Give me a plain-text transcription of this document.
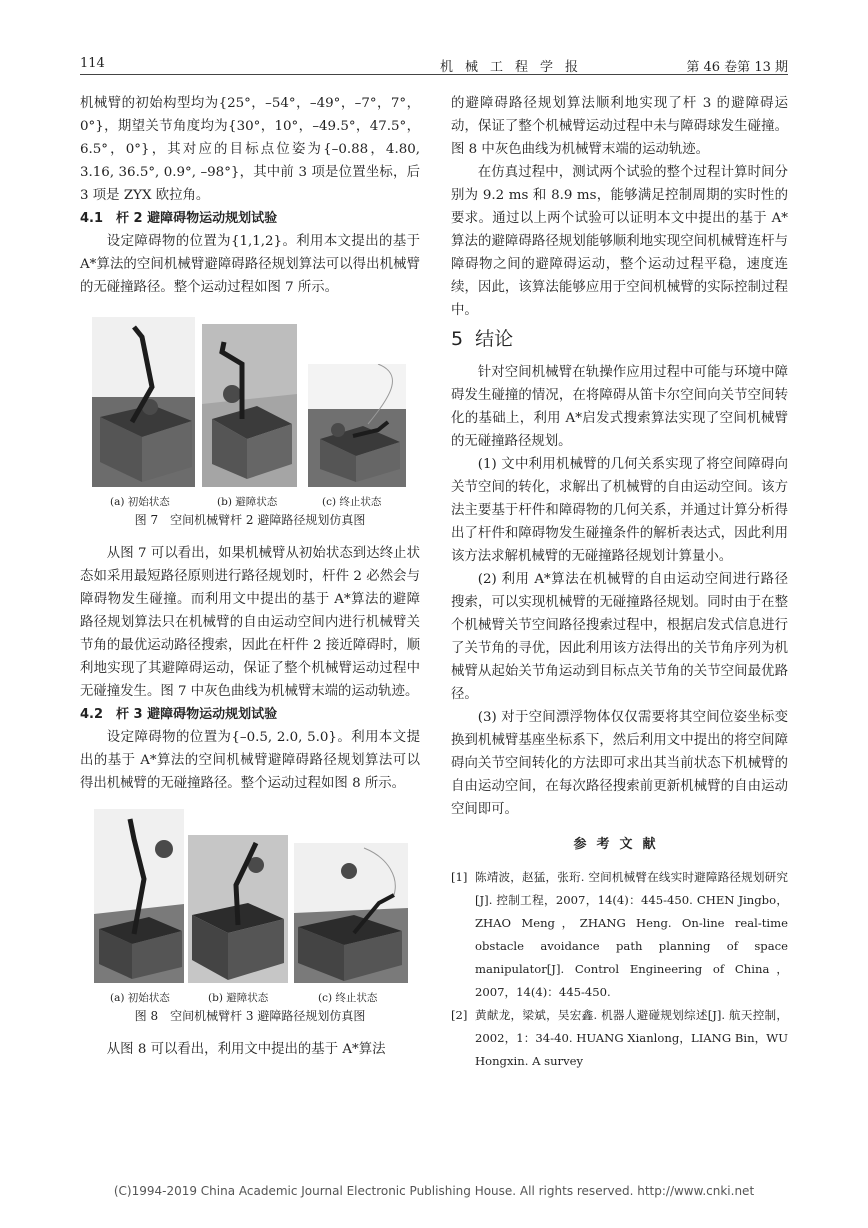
114	机械工程学报	第 46 卷第 13 期

机械臂的初始构型均为{25°，–54°，–49°，–7°，7°，0°}，期望关节角度均为{30°，10°，–49.5°，47.5°，6.5°，0°}，其对应的目标点位姿为{–0.88，4.80, 3.16, 36.5°, 0.9°, –98°}，其中前 3 项是位置坐标，后 3 项是 ZYX 欧拉角。

4.1　杆 2 避障碍物运动规划试验

设定障碍物的位置为{1,1,2}。利用本文提出的基于 A*算法的空间机械臂避障碍路径规划算法可以得出机械臂的无碰撞路径。整个运动过程如图 7 所示。

(a) 初始状态	(b) 避障状态	(c) 终止状态

图 7　空间机械臂杆 2 避障路径规划仿真图

从图 7 可以看出，如果机械臂从初始状态到达终止状态如采用最短路径原则进行路径规划时，杆件 2 必然会与障碍物发生碰撞。而利用文中提出的基于 A*算法的避障路径规划算法只在机械臂的自由运动空间内进行机械臂关节角的最优运动路径搜索，因此在杆件 2 接近障碍时，顺利地实现了其避障碍运动，保证了整个机械臂运动过程中无碰撞发生。图 7 中灰色曲线为机械臂末端的运动轨迹。

4.2　杆 3 避障碍物运动规划试验

设定障碍物的位置为{–0.5, 2.0, 5.0}。利用本文提出的基于 A*算法的空间机械臂避障碍路径规划算法可以得出机械臂的无碰撞路径。整个运动过程如图 8 所示。

(a) 初始状态	(b) 避障状态	(c) 终止状态

图 8　空间机械臂杆 3 避障路径规划仿真图

从图 8 可以看出，利用文中提出的基于 A*算法

的避障碍路径规划算法顺利地实现了杆 3 的避障碍运动，保证了整个机械臂运动过程中未与障碍球发生碰撞。图 8 中灰色曲线为机械臂末端的运动轨迹。

在仿真过程中，测试两个试验的整个过程计算时间分别为 9.2 ms 和 8.9 ms，能够满足控制周期的实时性的要求。通过以上两个试验可以证明本文中提出的基于 A*算法的避障碍路径规划能够顺利地实现空间机械臂连杆与障碍物之间的避障碍运动，整个运动过程平稳，速度连续，因此，该算法能够应用于空间机械臂的实际控制过程中。

5 结论

针对空间机械臂在轨操作应用过程中可能与环境中障碍发生碰撞的情况，在将障碍从笛卡尔空间向关节空间转化的基础上，利用 A*启发式搜索算法实现了空间机械臂的无碰撞路径规划。

(1) 文中利用机械臂的几何关系实现了将空间障碍向关节空间的转化，求解出了机械臂的自由运动空间。该方法主要基于杆件和障碍物的几何关系，并通过计算分析得出了杆件和障碍物发生碰撞条件的解析表达式，因此利用该方法求解机械臂的无碰撞路径规划计算量小。

(2) 利用 A*算法在机械臂的自由运动空间进行路径搜索，可以实现机械臂的无碰撞路径规划。同时由于在整个机械臂关节空间路径搜索过程中，根据启发式信息进行了关节角的寻优，因此利用该方法得出的关节角序列为机械臂从起始关节角运动到目标点关节角的关节空间最优路径。

(3) 对于空间漂浮物体仅仅需要将其空间位姿坐标变换到机械臂基座坐标系下，然后利用文中提出的将空间障碍向关节空间转化的方法即可求出其当前状态下机械臂的自由运动空间，在每次路径搜索前更新机械臂的自由运动空间即可。

参考文献

[1] 陈靖波，赵猛，张珩. 空间机械臂在线实时避障路径规划研究[J]. 控制工程，2007，14(4)：445-450. CHEN Jingbo，ZHAO Meng，ZHANG Heng. On-line real-time obstacle avoidance path planning of space manipulator[J]. Control Engineering of China，2007，14(4)：445-450.
[2] 黄献龙，梁斌，吴宏鑫. 机器人避碰规划综述[J]. 航天控制，2002，1：34-40. HUANG Xianlong，LIANG Bin，WU Hongxin. A survey
(C)1994-2019 China Academic Journal Electronic Publishing House. All rights reserved. http://www.cnki.net
